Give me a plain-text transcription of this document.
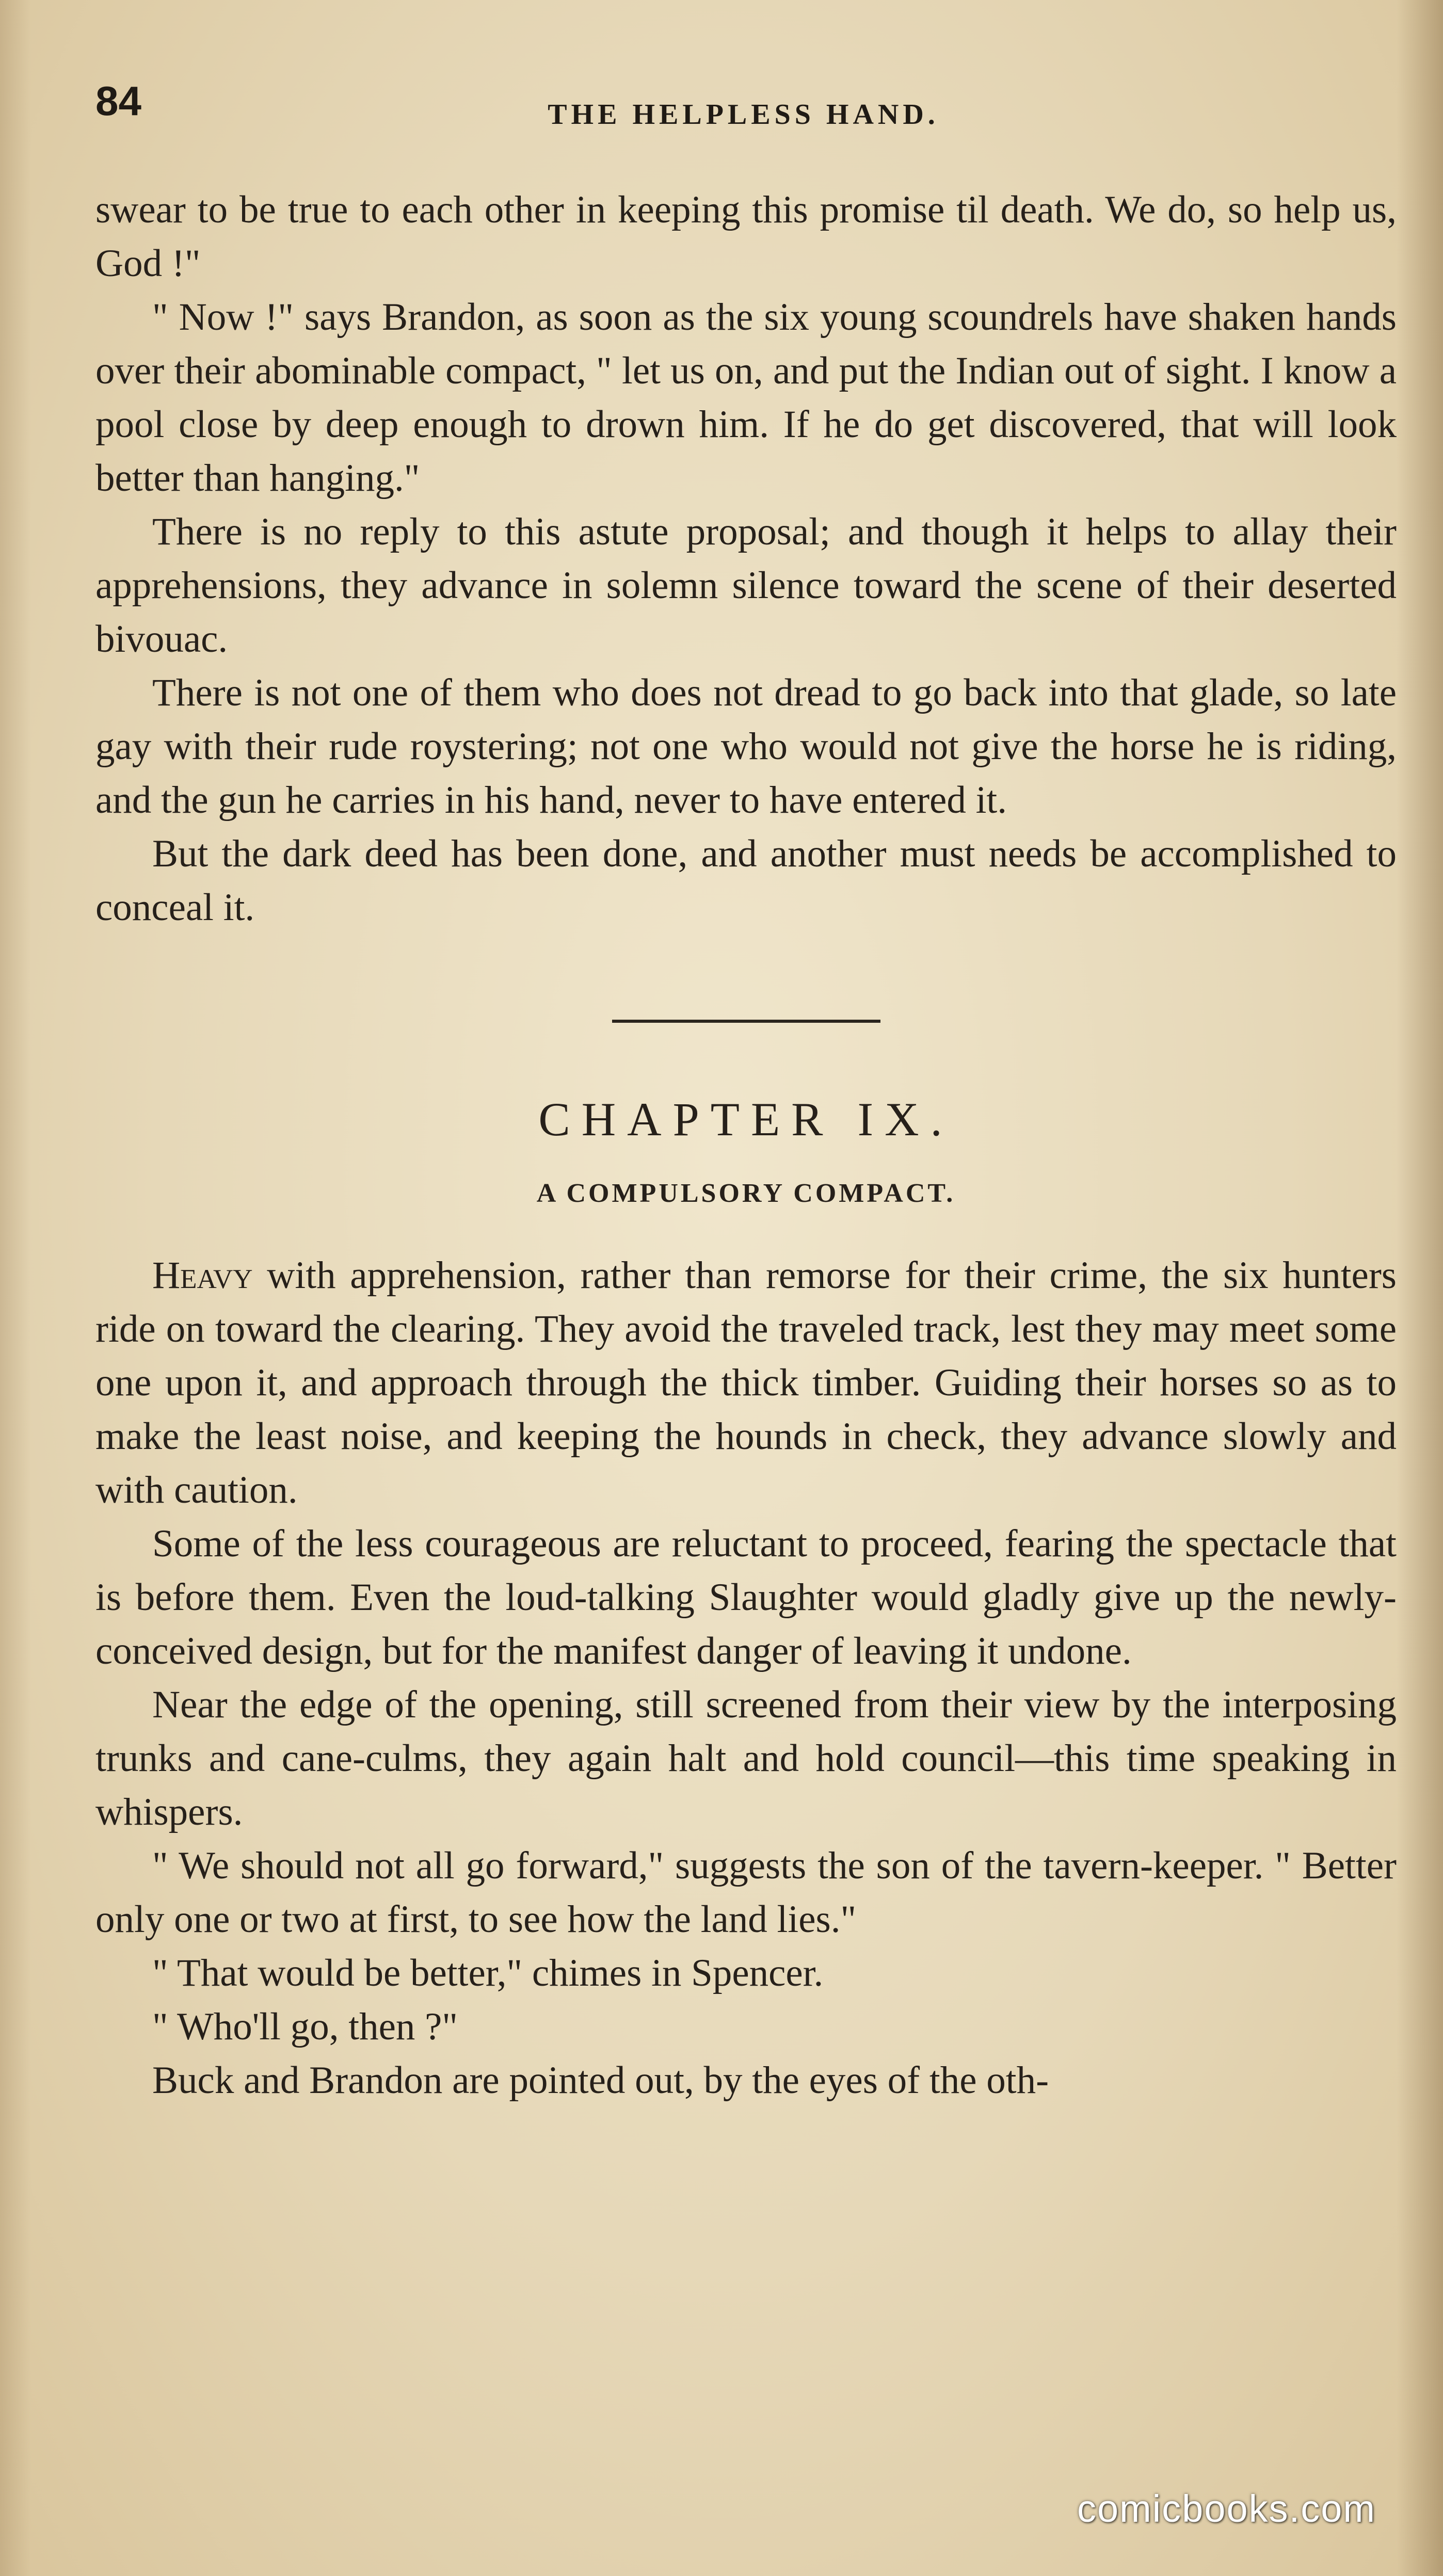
84	THE HELPLESS HAND.

swear to be true to each other in keeping this promise til death. We do, so help us, God !"

" Now !" says Brandon, as soon as the six young scoundrels have shaken hands over their abominable compact, " let us on, and put the Indian out of sight. I know a pool close by deep enough to drown him. If he do get discovered, that will look better than hanging."

There is no reply to this astute proposal; and though it helps to allay their apprehensions, they advance in solemn silence toward the scene of their deserted bivouac.

There is not one of them who does not dread to go back into that glade, so late gay with their rude roystering; not one who would not give the horse he is riding, and the gun he carries in his hand, never to have entered it.

But the dark deed has been done, and another must needs be accomplished to conceal it.

CHAPTER IX.
A COMPULSORY COMPACT.

Heavy with apprehension, rather than remorse for their crime, the six hunters ride on toward the clearing. They avoid the traveled track, lest they may meet some one upon it, and approach through the thick timber. Guiding their horses so as to make the least noise, and keeping the hounds in check, they advance slowly and with caution.

Some of the less courageous are reluctant to proceed, fearing the spectacle that is before them. Even the loud-talking Slaughter would gladly give up the newly-conceived design, but for the manifest danger of leaving it undone.

Near the edge of the opening, still screened from their view by the interposing trunks and cane-culms, they again halt and hold council—this time speaking in whispers.

" We should not all go forward," suggests the son of the tavern-keeper. " Better only one or two at first, to see how the land lies."

" That would be better," chimes in Spencer.

" Who'll go, then ?"

Buck and Brandon are pointed out, by the eyes of the oth-

comicbooks.com
